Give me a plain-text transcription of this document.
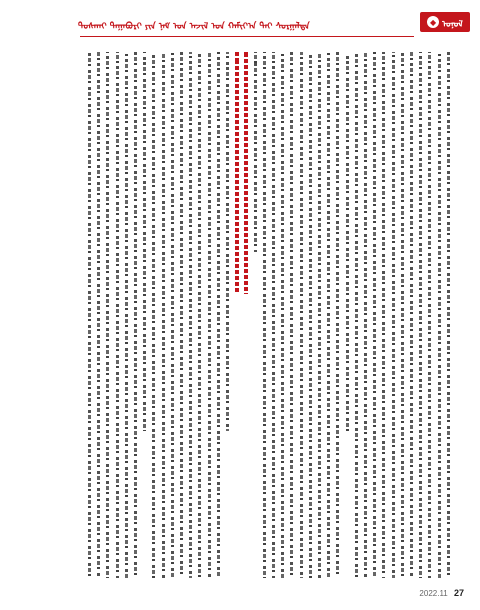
◆ ᠣᠨᠣᠯ
ᠲᠤᠰᠬᠠᠢ ᠳᠠᠭᠠᠪᠤᠷᠢ ᠶᠢᠨ ᠨᠠᠮ ᠤᠨ ᠠᠵᠢᠯ ᠤᠨ ᠬᠠᠮᠢᠶ᠎ᠠ ᠲᠠᠢ ᠰᠤᠷᠭᠠᠯᠲᠠ
2022.11 27
